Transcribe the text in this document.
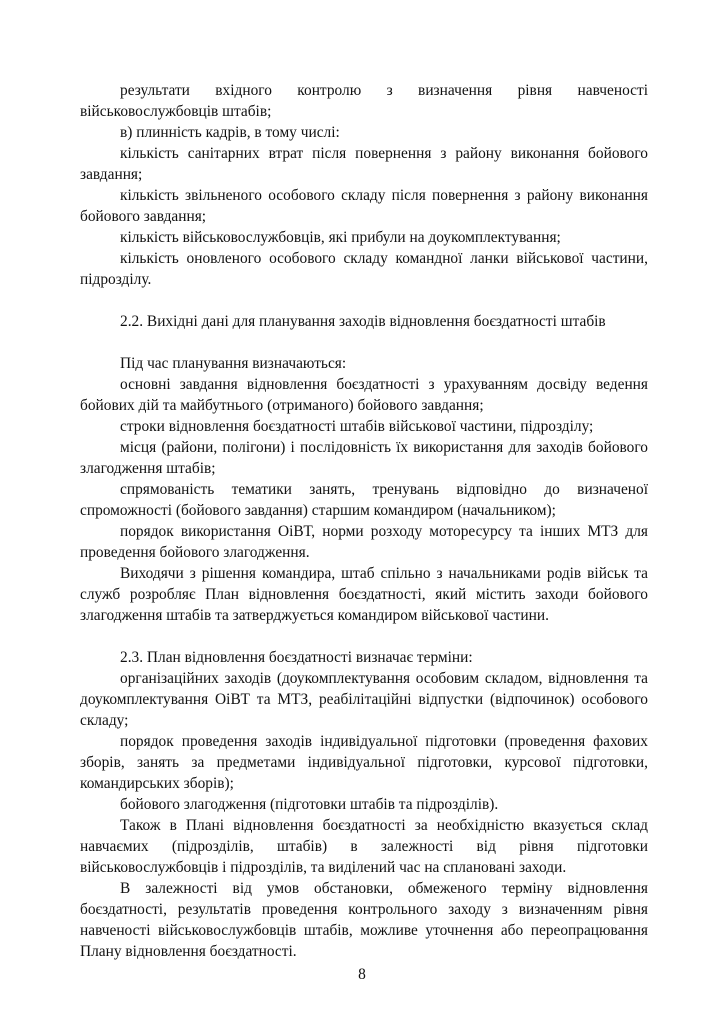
результати вхідного контролю з визначення рівня навченості військовослужбовців штабів;

в) плинність кадрів, в тому числі:

кількість санітарних втрат після повернення з району виконання бойового завдання;

кількість звільненого особового складу після повернення з району виконання бойового завдання;

кількість військовослужбовців, які прибули на доукомплектування;

кількість оновленого особового складу командної ланки військової частини, підрозділу.

2.2. Вихідні дані для планування заходів відновлення боєздатності штабів

Під час планування визначаються:

основні завдання відновлення боєздатності з урахуванням досвіду ведення бойових дій та майбутнього (отриманого) бойового завдання;

строки відновлення боєздатності штабів військової частини, підрозділу;

місця (райони, полігони) і послідовність їх використання для заходів бойового злагодження штабів;

спрямованість тематики занять, тренувань відповідно до визначеної спроможності (бойового завдання) старшим командиром (начальником);

порядок використання ОіВТ, норми розходу моторесурсу та інших МТЗ для проведення бойового злагодження.

Виходячи з рішення командира, штаб спільно з начальниками родів військ та служб розробляє План відновлення боєздатності, який містить заходи бойового злагодження штабів та затверджується командиром військової частини.

2.3. План відновлення боєздатності визначає терміни:

організаційних заходів (доукомплектування особовим складом, відновлення та доукомплектування ОіВТ та МТЗ, реабілітаційні відпустки (відпочинок) особового складу;

порядок проведення заходів індивідуальної підготовки (проведення фахових зборів, занять за предметами індивідуальної підготовки, курсової підготовки, командирських зборів);

бойового злагодження (підготовки штабів та підрозділів).

Також в Плані відновлення боєздатності за необхідністю вказується склад навчаємих (підрозділів, штабів) в залежності від рівня підготовки військовослужбовців і підрозділів, та виділений час на сплановані заходи.

В залежності від умов обстановки, обмеженого терміну відновлення боєздатності, результатів проведення контрольного заходу з визначенням рівня навченості військовослужбовців штабів, можливе уточнення або переопрацювання Плану відновлення боєздатності.

8
